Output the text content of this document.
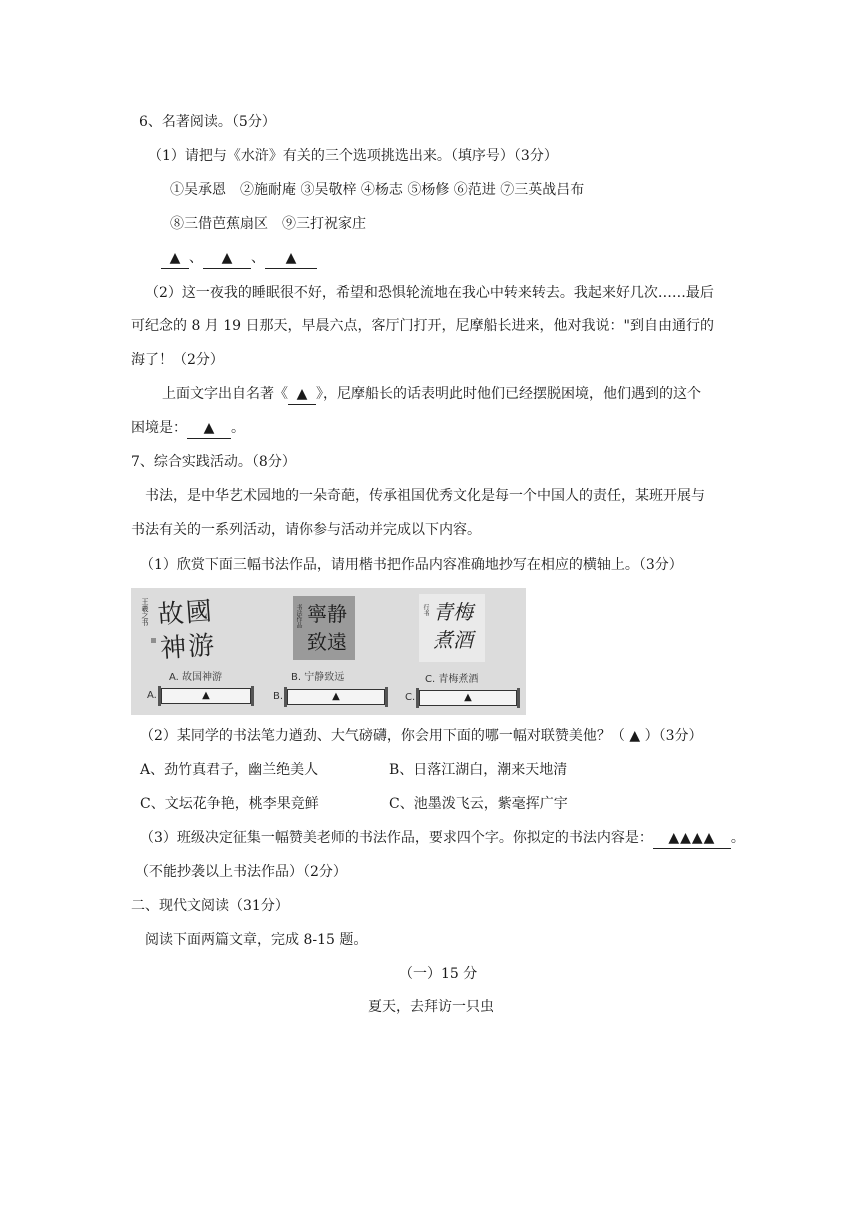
6、名著阅读。（5分）
（1）请把与《水浒》有关的三个选项挑选出来。（填序号）（3分）
①吴承恩　②施耐庵 ③吴敬梓 ④杨志 ⑤杨修 ⑥范进 ⑦三英战吕布
⑧三借芭蕉扇区　⑨三打祝家庄
▲ 、 ▲ 、 ▲
（2）这一夜我的睡眠很不好，希望和恐惧轮流地在我心中转来转去。我起来好几次……最后
可纪念的 8 月 19 日那天，早晨六点，客厅门打开，尼摩船长进来，他对我说："到自由通行的
海了！（2分）
上面文字出自名著《 ▲ 》，尼摩船长的话表明此时他们已经摆脱困境，他们遇到的这个
困境是： ▲ 。
7、综合实践活动。（8分）
书法，是中华艺术园地的一朵奇葩，传承祖国优秀文化是每一个中国人的责任，某班开展与
书法有关的一系列活动，请你参与活动并完成以下内容。
（1）欣赏下面三幅书法作品，请用楷书把作品内容准确地抄写在相应的横轴上。（3分）
王羲之书 故國 神游
A. 故国神游
A.	▲
书法作品 寧静 致遠
B. 宁静致远
B.	▲
行书 青梅 煮酒
C. 青梅煮酒
C.	▲
（2）某同学的书法笔力遒劲、大气磅礴，你会用下面的哪一幅对联赞美他？（ ▲ ）（3分）
A、劲竹真君子，幽兰绝美人	B、日落江湖白，潮来天地清
C、文坛花争艳，桃李果竞鲜	C、池墨泼飞云，紫毫挥广宇
（3）班级决定征集一幅赞美老师的书法作品，要求四个字。你拟定的书法内容是： ▲▲▲▲ 。
（不能抄袭以上书法作品）（2分）
二、现代文阅读（31分）
阅读下面两篇文章，完成 8-15 题。
（一）15 分
夏天，去拜访一只虫
